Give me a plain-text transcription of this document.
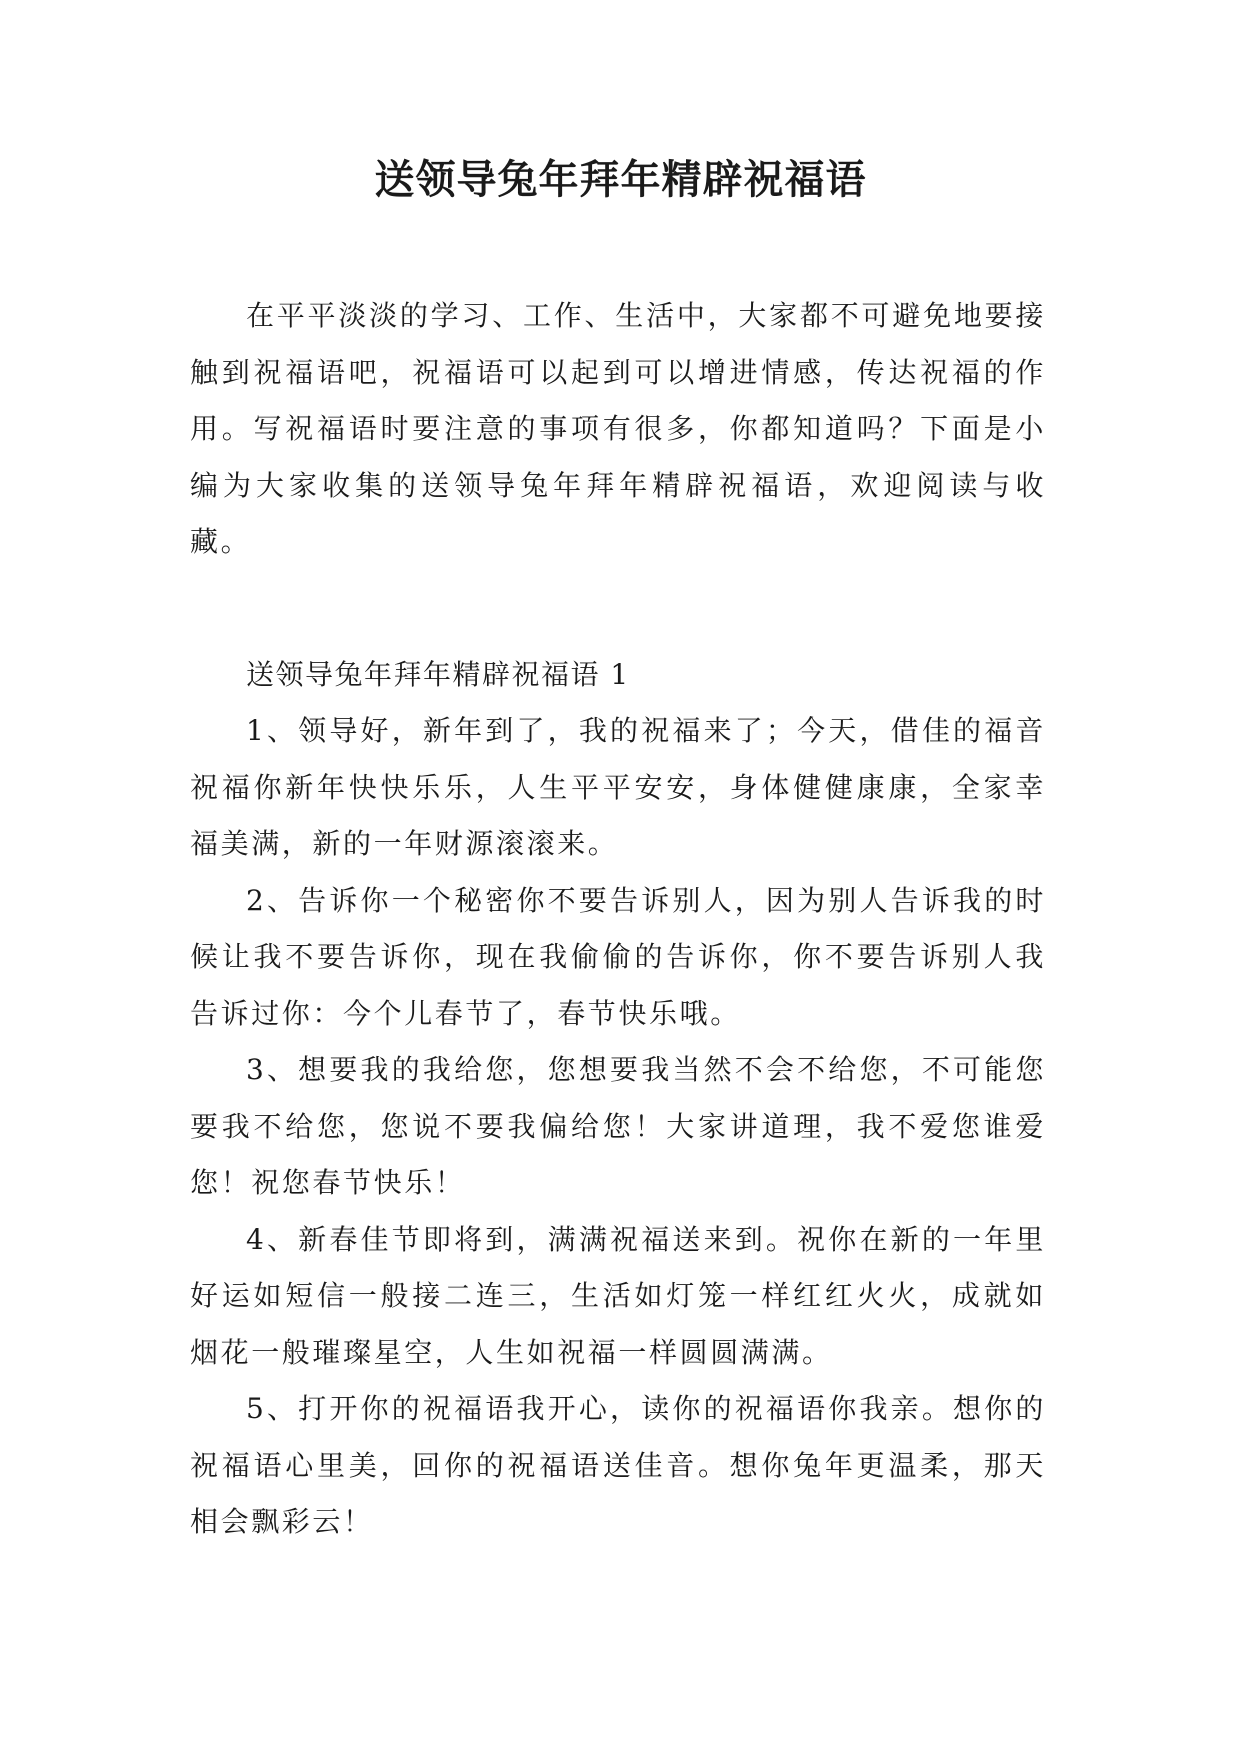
送领导兔年拜年精辟祝福语

在平平淡淡的学习、工作、生活中，大家都不可避免地要接触到祝福语吧，祝福语可以起到可以增进情感，传达祝福的作用。写祝福语时要注意的事项有很多，你都知道吗？下面是小编为大家收集的送领导兔年拜年精辟祝福语，欢迎阅读与收藏。

送领导兔年拜年精辟祝福语 1

1、领导好，新年到了，我的祝福来了；今天，借佳的福音祝福你新年快快乐乐，人生平平安安，身体健健康康，全家幸福美满，新的一年财源滚滚来。

2、告诉你一个秘密你不要告诉别人，因为别人告诉我的时候让我不要告诉你，现在我偷偷的告诉你，你不要告诉别人我告诉过你：今个儿春节了，春节快乐哦。

3、想要我的我给您，您想要我当然不会不给您，不可能您要我不给您，您说不要我偏给您！大家讲道理，我不爱您谁爱您！祝您春节快乐！

4、新春佳节即将到，满满祝福送来到。祝你在新的一年里好运如短信一般接二连三，生活如灯笼一样红红火火，成就如烟花一般璀璨星空，人生如祝福一样圆圆满满。

5、打开你的祝福语我开心，读你的祝福语你我亲。想你的祝福语心里美，回你的祝福语送佳音。想你兔年更温柔，那天相会飘彩云！
